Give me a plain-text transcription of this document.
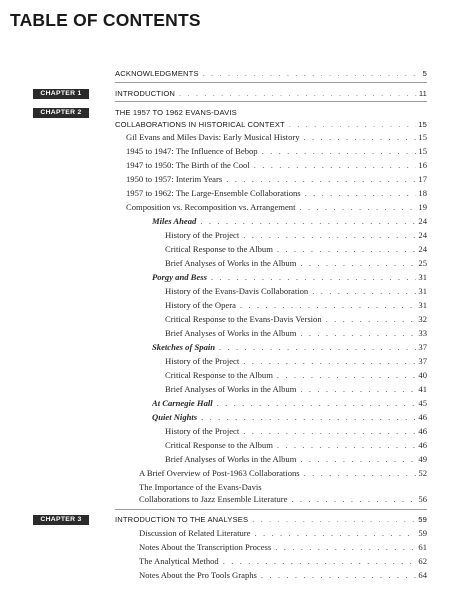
TABLE OF CONTENTS
ACKNOWLEDGMENTS . . .	5
CHAPTER 1	INTRODUCTION . . .	11
CHAPTER 2	THE 1957 TO 1962 EVANS-DAVIS
COLLABORATIONS IN HISTORICAL CONTEXT . . .	15
Gil Evans and Miles Davis: Early Musical History . . .	15
1945 to 1947: The Influence of Bebop . . .	15
1947 to 1950: The Birth of the Cool . . .	16
1950 to 1957: Interim Years . . .	17
1957 to 1962: The Large-Ensemble Collaborations . . .	18
Composition vs. Recomposition vs. Arrangement . . .	19
Miles Ahead . . .	24
History of the Project . . .	24
Critical Response to the Album . . .	24
Brief Analyses of Works in the Album . . .	25
Porgy and Bess . . .	31
History of the Evans-Davis Collaboration . . .	31
History of the Opera . . .	31
Critical Response to the Evans-Davis Version . . .	32
Brief Analyses of Works in the Album . . .	33
Sketches of Spain . . .	37
History of the Project . . .	37
Critical Response to the Album . . .	40
Brief Analyses of Works in the Album . . .	41
At Carnegie Hall . . .	45
Quiet Nights . . .	46
History of the Project . . .	46
Critical Response to the Album . . .	46
Brief Analyses of Works in the Album . . .	49
A Brief Overview of Post-1963 Collaborations . . .	52
The Importance of the Evans-Davis
Collaborations to Jazz Ensemble Literature . . .	56
CHAPTER 3	INTRODUCTION TO THE ANALYSES . . .	59
Discussion of Related Literature . . .	59
Notes About the Transcription Process . . .	61
The Analytical Method . . .	62
Notes About the Pro Tools Graphs . . .	64
